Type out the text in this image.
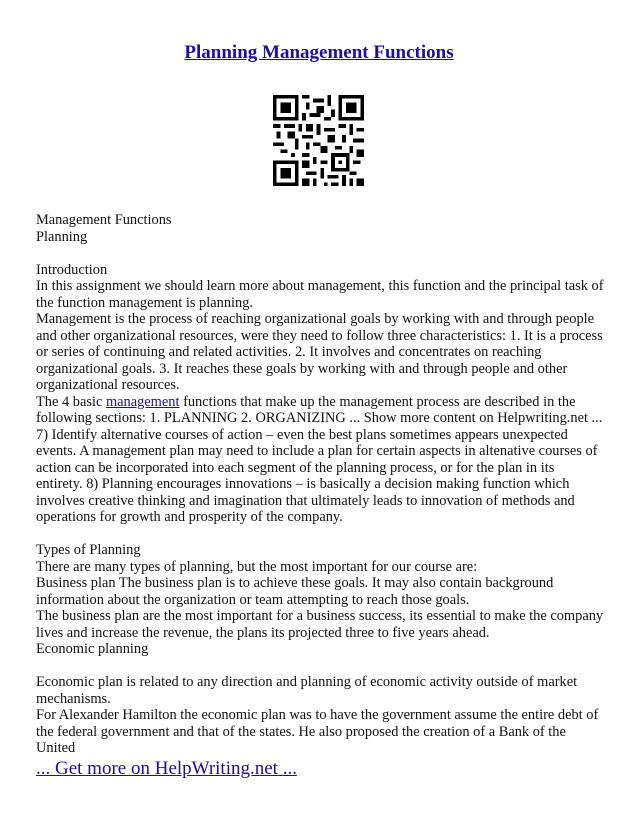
Planning Management Functions

Management Functions

Planning

Introduction

In this assignment we should learn more about management, this function and the principal task of the function management is planning.

Management is the process of reaching organizational goals by working with and through people and other organizational resources, were they need to follow three characteristics: 1. It is a process or series of continuing and related activities. 2. It involves and concentrates on reaching organizational goals. 3. It reaches these goals by working with and through people and other organizational resources.

The 4 basic management functions that make up the management process are described in the following sections: 1. PLANNING 2. ORGANIZING ... Show more content on Helpwriting.net ... 7) Identify alternative courses of action – even the best plans sometimes appears unexpected events. A management plan may need to include a plan for certain aspects in altenative courses of action can be incorporated into each segment of the planning process, or for the plan in its entirety. 8) Planning encourages innovations – is basically a decision making function which involves creative thinking and imagination that ultimately leads to innovation of methods and operations for growth and prosperity of the company.

Types of Planning

There are many types of planning, but the most important for our course are:

Business plan The business plan is to achieve these goals. It may also contain background information about the organization or team attempting to reach those goals.

The business plan are the most important for a business success, its essential to make the company lives and increase the revenue, the plans its projected three to five years ahead.

Economic planning

Economic plan is related to any direction and planning of economic activity outside of market mechanisms.

For Alexander Hamilton the economic plan was to have the government assume the entire debt of the federal government and that of the states. He also proposed the creation of a Bank of the United

... Get more on HelpWriting.net ...
